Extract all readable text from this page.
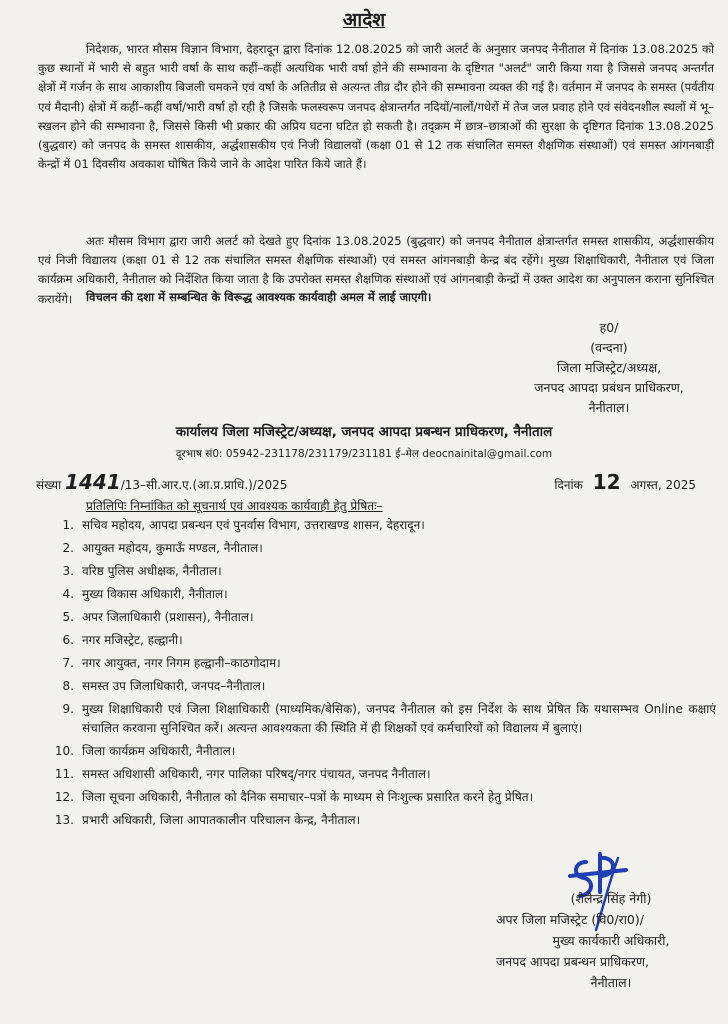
आदेश
निदेशक, भारत मौसम विज्ञान विभाग, देहरादून द्वारा दिनांक 12.08.2025 को जारी अलर्ट के अनुसार जनपद नैनीताल में दिनांक 13.08.2025 को कुछ स्थानों में भारी से बहुत भारी वर्षा के साथ कहीं–कहीं अत्यधिक भारी वर्षा होने की सम्भावना के दृष्टिगत "अलर्ट" जारी किया गया है जिससे जनपद अन्तर्गत क्षेत्रों में गर्जन के साथ आकाशीय बिजली चमकने एवं वर्षा के अतितीव्र से अत्यन्त तीव्र दौर होने की सम्भावना व्यक्त की गई है। वर्तमान में जनपद के समस्त (पर्वतीय एवं मैदानी) क्षेत्रों में कहीं–कहीं वर्षा/भारी वर्षा हो रही है जिसके फलस्वरूप जनपद क्षेत्रान्तर्गत नदियों/नालों/गधेरों में तेज जल प्रवाह होने एवं संवेदनशील स्थलों में भू–स्खलन होने की सम्भावना है, जिससे किसी भी प्रकार की अप्रिय घटना घटित हो सकती है। तद्क्रम में छात्र–छात्राओं की सुरक्षा के दृष्टिगत दिनांक 13.08.2025 (बुद्धवार) को जनपद के समस्त शासकीय, अर्द्धशासकीय एवं निजी विद्यालयों (कक्षा 01 से 12 तक संचालित समस्त शैक्षणिक संस्थाओं) एवं समस्त आंगनबाड़ी केन्द्रों में 01 दिवसीय अवकाश घोषित किये जाने के आदेश पारित किये जाते हैं।
अतः मौसम विभाग द्वारा जारी अलर्ट को देखते हुए दिनांक 13.08.2025 (बुद्धवार) को जनपद नैनीताल क्षेत्रान्तर्गत समस्त शासकीय, अर्द्धशासकीय एवं निजी विद्यालय (कक्षा 01 से 12 तक संचालित समस्त शैक्षणिक संस्थाओं) एवं समस्त आंगनबाड़ी केन्द्र बंद रहेंगे। मुख्य शिक्षाधिकारी, नैनीताल एवं जिला कार्यक्रम अधिकारी, नैनीताल को निर्देशित किया जाता है कि उपरोक्त समस्त शैक्षणिक संस्थाओं एवं आंगनबाड़ी केन्द्रों में उक्त आदेश का अनुपालन कराना सुनिश्चित करायेंगे।	विचलन की दशा में सम्बन्धित के विरूद्ध आवश्यक कार्यवाही अमल में लाई जाएगी।
ह0/
(वन्दना)
जिला मजिस्ट्रेट/अध्यक्ष,
जनपद आपदा प्रबंधन प्राधिकरण,
नैनीताल।
कार्यालय जिला मजिस्ट्रेट/अध्यक्ष, जनपद आपदा प्रबन्धन प्राधिकरण, नैनीताल
दूरभाष सं0: 05942–231178/231179/231181 ई–मेल deocnainital@gmail.com
संख्या 1441/13–सी.आर.ए.(आ.प्र.प्राधि.)/2025	दिनांक 12 अगस्त, 2025
प्रतिलिपिः निम्नांकित को सूचनार्थ एवं आवश्यक कार्यवाही हेतु प्रेषितः–
1. सचिव महोदय, आपदा प्रबन्धन एवं पुनर्वास विभाग, उत्तराखण्ड शासन, देहरादून।
2. आयुक्त महोदय, कुमाऊँ मण्डल, नैनीताल।
3. वरिष्ठ पुलिस अधीक्षक, नैनीताल।
4. मुख्य विकास अधिकारी, नैनीताल।
5. अपर जिलाधिकारी (प्रशासन), नैनीताल।
6. नगर मजिस्ट्रेट, हल्द्वानी।
7. नगर आयुक्त, नगर निगम हल्द्वानी–काठगोदाम।
8. समस्त उप जिलाधिकारी, जनपद–नैनीताल।
9. मुख्य शिक्षाधिकारी एवं जिला शिक्षाधिकारी (माध्यमिक/बेसिक), जनपद नैनीताल को इस निर्देश के साथ प्रेषित कि यथासम्भव Online कक्षाएं संचालित करवाना सुनिश्चित करें। अत्यन्त आवश्यकता की स्थिति में ही शिक्षकों एवं कर्मचारियों को विद्यालय में बुलाएं।
10. जिला कार्यक्रम अधिकारी, नैनीताल।
11. समस्त अधिशासी अधिकारी, नगर पालिका परिषद्/नगर पंचायत, जनपद नैनीताल।
12. जिला सूचना अधिकारी, नैनीताल को दैनिक समाचार–पत्रों के माध्यम से निःशुल्क प्रसारित करने हेतु प्रेषित।
13. प्रभारी अधिकारी, जिला आपातकालीन परिचालन केन्द्र, नैनीताल।
(शैलेन्द्र सिंह नेगी)
अपर जिला मजिस्ट्रेट (वि0/रा0)/
मुख्य कार्यकारी अधिकारी,
जनपद आपदा प्रबन्धन प्राधिकरण,
नैनीताल।
